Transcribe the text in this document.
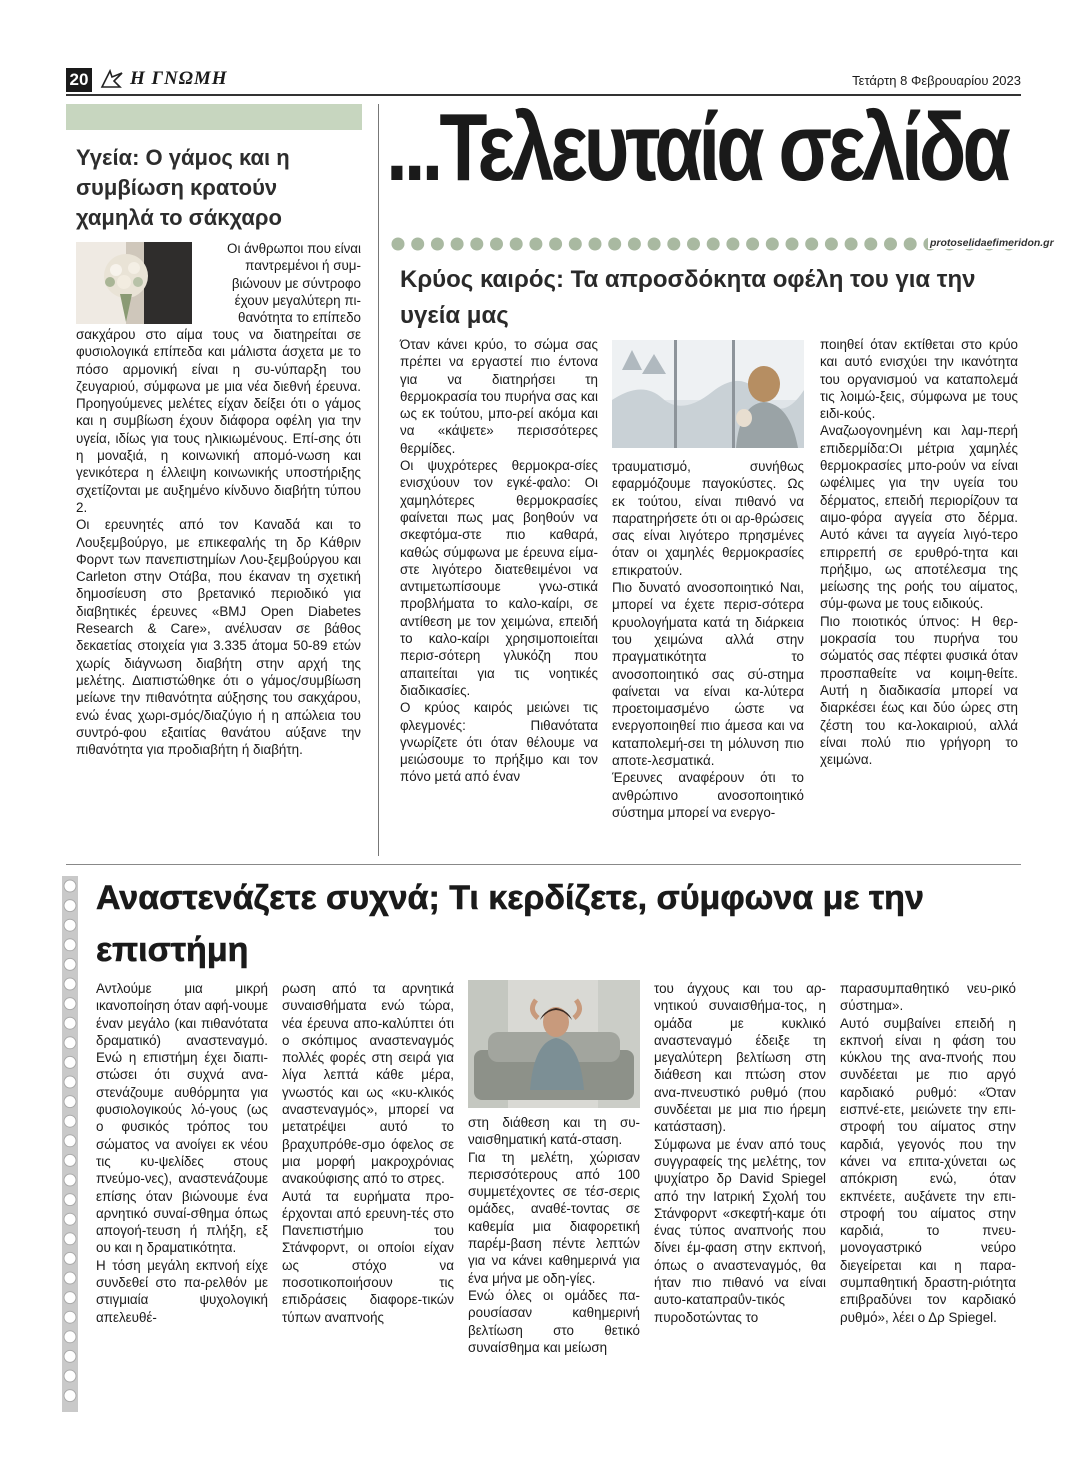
20 Η ΓΝΩΜΗ	Τετάρτη 8 Φεβρουαρίου 2023
Υγεία: Ο γάμος και η συμβίωση κρατούν χαμηλά το σάκχαρο
Οι άνθρωποι που είναι
παντρεμένοι ή συμ-
βιώνουν με σύντροφο
έχουν μεγαλύτερη πι-
θανότητα το επίπεδο

σακχάρου στο αίμα τους να διατηρείται σε φυσιολογικά επίπεδα και μάλιστα άσχετα με το πόσο αρμονική είναι η συ-νύπαρξη του ζευγαριού, σύμφωνα με μια νέα διεθνή έρευνα. Προηγούμενες μελέτες είχαν δείξει ότι ο γάμος και η συμβίωση έχουν διάφορα οφέλη για την υγεία, ιδίως για τους ηλικιωμένους. Επί-σης ότι η μοναξιά, η κοινωνική απομό-νωση και γενικότερα η έλλειψη κοινωνικής υποστήριξης σχετίζονται με αυξημένο κίνδυνο διαβήτη τύπου 2.

Οι ερευνητές από τον Καναδά και το Λουξεμβούργο, με επικεφαλής τη δρ Κάθριν Φορντ των πανεπιστημίων Λου-ξεμβούργου και Carleton στην Οτάβα, που έκαναν τη σχετική δημοσίευση στο βρετανικό περιοδικό για διαβητικές έρευνες «BMJ Open Diabetes Research & Care», ανέλυσαν σε βάθος δεκαετίας στοιχεία για 3.335 άτομα 50-89 ετών χωρίς διάγνωση διαβήτη στην αρχή της μελέτης. Διαπιστώθηκε ότι ο γάμος/συμβίωση μείωνε την πιθανότητα αύξησης του σακχάρου, ενώ ένας χωρι-σμός/διαζύγιο ή η απώλεια του συντρό-φου εξαιτίας θανάτου αύξανε την πιθανότητα για προδιαβήτη ή διαβήτη.

...Τελευταία σελίδα
protoselidaefimeridon.gr
Κρύος καιρός: Τα απροσδόκητα οφέλη του για την υγεία μας

Όταν κάνει κρύο, το σώμα σας πρέπει να εργαστεί πιο έντονα για να διατηρήσει τη θερμοκρασία του πυρήνα σας και ως εκ τούτου, μπο-ρεί ακόμα και να «κάψετε» περισσότερες θερμίδες.

Οι ψυχρότερες θερμοκρα-σίες ενισχύουν τον εγκέ-φαλο: Οι χαμηλότερες θερμοκρασίες φαίνεται πως μας βοηθούν να σκεφτόμα-στε πιο καθαρά, καθώς σύμφωνα με έρευνα είμα-στε λιγότερο διατεθειμένοι να αντιμετωπίσουμε γνω-στικά προβλήματα το καλο-καίρι, σε αντίθεση με τον χειμώνα, επειδή το καλο-καίρι χρησιμοποιείται περισ-σότερη γλυκόζη που απαιτείται για τις νοητικές διαδικασίες.

Ο κρύος καιρός μειώνει τις φλεγμονές: Πιθανότατα γνωρίζετε ότι όταν θέλουμε να μειώσουμε το πρήξιμο και τον πόνο μετά από έναν

τραυματισμό, συνήθως εφαρμόζουμε παγοκύστες. Ως εκ τούτου, είναι πιθανό να παρατηρήσετε ότι οι αρ-θρώσεις σας είναι λιγότερο πρησμένες όταν οι χαμηλές θερμοκρασίες επικρατούν.

Πιο δυνατό ανοσοποιητικό Ναι, μπορεί να έχετε περισ-σότερα κρυολογήματα κατά τη διάρκεια του χειμώνα αλλά στην πραγματικότητα το ανοσοποιητικό σας σύ-στημα φαίνεται να είναι κα-λύτερα προετοιμασμένο ώστε να ενεργοποιηθεί πιο άμεσα και να καταπολεμή-σει τη μόλυνση πιο αποτε-λεσματικά.

Έρευνες αναφέρουν ότι το ανθρώπινο ανοσοποιητικό σύστημα μπορεί να ενεργο-

ποιηθεί όταν εκτίθεται στο κρύο και αυτό ενισχύει την ικανότητα του οργανισμού να καταπολεμά τις λοιμώ-ξεις, σύμφωνα με τους ειδι-κούς.

Αναζωογονημένη και λαμ-περή επιδερμίδα:Οι μέτρια χαμηλές θερμοκρασίες μπο-ρούν να είναι ωφέλιμες για την υγεία του δέρματος, επειδή περιορίζουν τα αιμο-φόρα αγγεία στο δέρμα. Αυτό κάνει τα αγγεία λιγό-τερο επιρρεπή σε ερυθρό-τητα και πρήξιμο, ως αποτέλεσμα της μείωσης της ροής του αίματος, σύμ-φωνα με τους ειδικούς.

Πιο ποιοτικός ύπνος: Η θερ-μοκρασία του πυρήνα του σώματός σας πέφτει φυσικά όταν προσπαθείτε να κοιμη-θείτε. Αυτή η διαδικασία μπορεί να διαρκέσει έως και δύο ώρες στη ζέστη του κα-λοκαιριού, αλλά είναι πολύ πιο γρήγορη το χειμώνα.

Αναστενάζετε συχνά; Τι κερδίζετε, σύμφωνα με την επιστήμη

Αντλούμε μια μικρή ικανοποίηση όταν αφή-νουμε έναν μεγάλο (και πιθανότατα δραματικό) αναστεναγμό. Ενώ η επιστήμη έχει διαπι-στώσει ότι συχνά ανα-στενάζουμε αυθόρμητα για φυσιολογικούς λό-γους (ως ο φυσικός τρόπος του σώματος να ανοίγει εκ νέου τις κυ-ψελίδες στους πνεύμο-νες), αναστενάζουμε επίσης όταν βιώνουμε ένα αρνητικό συναί-σθημα όπως απογοή-τευση ή πλήξη, εξ ου και η δραματικότητα.

Η τόση μεγάλη εκπνοή είχε συνδεθεί στο πα-ρελθόν με στιγμιαία ψυχολογική απελευθέ-

ρωση από τα αρνητικά συναισθήματα ενώ τώρα, νέα έρευνα απο-καλύπτει ότι ο σκόπιμος αναστεναγμός πολλές φορές στη σειρά για λίγα λεπτά κάθε μέρα, γνωστός και ως «κυ-κλικός αναστεναγμός», μπορεί να μετατρέψει αυτό το βραχυπρόθε-σμο όφελος σε μια μορφή μακροχρόνιας ανακούφισης από το στρες.

Αυτά τα ευρήματα προ-έρχονται από ερευνη-τές στο Πανεπιστήμιο του Στάνφορντ, οι οποίοι είχαν ως στόχο να ποσοτικοποιήσουν τις επιδράσεις διαφορε-τικών τύπων αναπνοής

στη διάθεση και τη συ-ναισθηματική κατά-σταση.

Για τη μελέτη, χώρισαν περισσότερους από 100 συμμετέχοντες σε τέσ-σερις ομάδες, αναθέ-τοντας σε καθεμία μια διαφορετική παρέμ-βαση πέντε λεπτών για να κάνει καθημερινά για ένα μήνα με οδη-γίες.

Ενώ όλες οι ομάδες πα-ρουσίασαν καθημερινή βελτίωση στο θετικό συναίσθημα και μείωση

του άγχους και του αρ-νητικού συναισθήμα-τος, η ομάδα με κυκλικό αναστεναγμό έδειξε τη μεγαλύτερη βελτίωση στη διάθεση και πτώση στον ανα-πνευστικό ρυθμό (που συνδέεται με μια πιο ήρεμη κατάσταση).

Σύμφωνα με έναν από τους συγγραφείς της μελέτης, τον ψυχίατρο δρ David Spiegel από την Ιατρική Σχολή του Στάνφορντ «σκεφτή-καμε ότι ένας τύπος αναπνοής που δίνει έμ-φαση στην εκπνοή, όπως ο αναστεναγμός, θα ήταν πιο πιθανό να είναι αυτο-καταπραΰν-τικός πυροδοτώντας το

παρασυμπαθητικό νευ-ρικό σύστημα».

Αυτό συμβαίνει επειδή η εκπνοή είναι η φάση του κύκλου της ανα-πνοής που συνδέεται με πιο αργό καρδιακό ρυθμό: «Όταν εισπνέ-ετε, μειώνετε την επι-στροφή του αίματος στην καρδιά, γεγονός που την κάνει να επιτα-χύνεται ως απόκριση ενώ, όταν εκπνέετε, αυξάνετε την επι-στροφή του αίματος στην καρδιά, το πνευ-μονογαστρικό νεύρο διεγείρεται και η παρα-συμπαθητική δραστη-ριότητα επιβραδύνει τον καρδιακό ρυθμό», λέει ο Δρ Spiegel.
